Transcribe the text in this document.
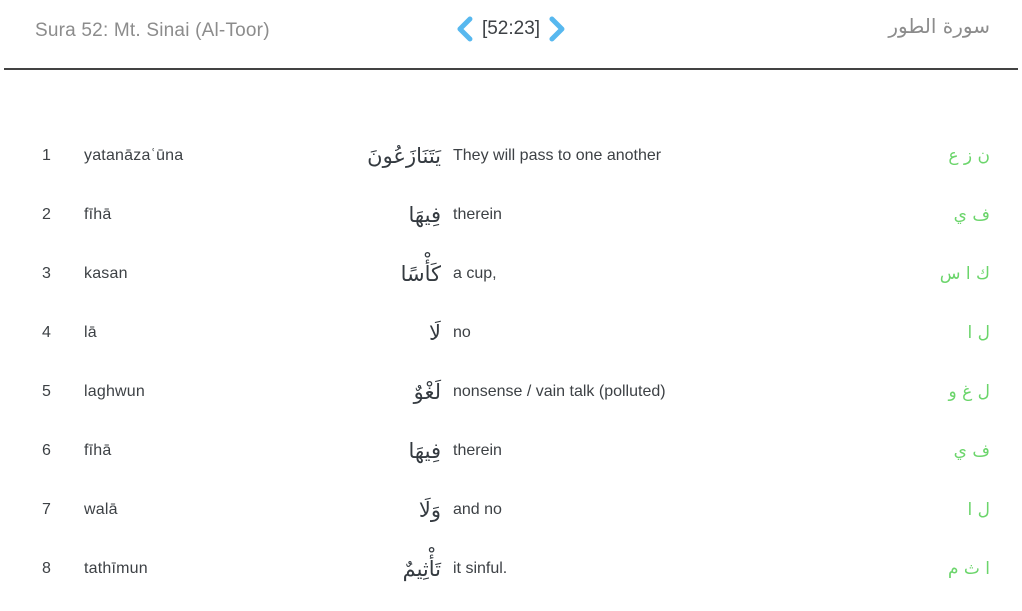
Sura 52: Mt. Sinai (Al-Toor)	[52:23]	سورة الطور
1	yatanāzaʿūna	يَتَنَازَعُونَ They will pass to one another	ن ز ع
2	fīhā	فِيهَا therein	ف ي
3	kasan	كَأْسًا a cup,	ك ا س
4	lā	لَا no	ل ا
5	laghwun	لَغْوٌ nonsense / vain talk (polluted)	ل غ و
6	fīhā	فِيهَا therein	ف ي
7	walā	وَلَا and no	ل ا
8	tathīmun	تَأْثِيمٌ it sinful.	ا ث م
